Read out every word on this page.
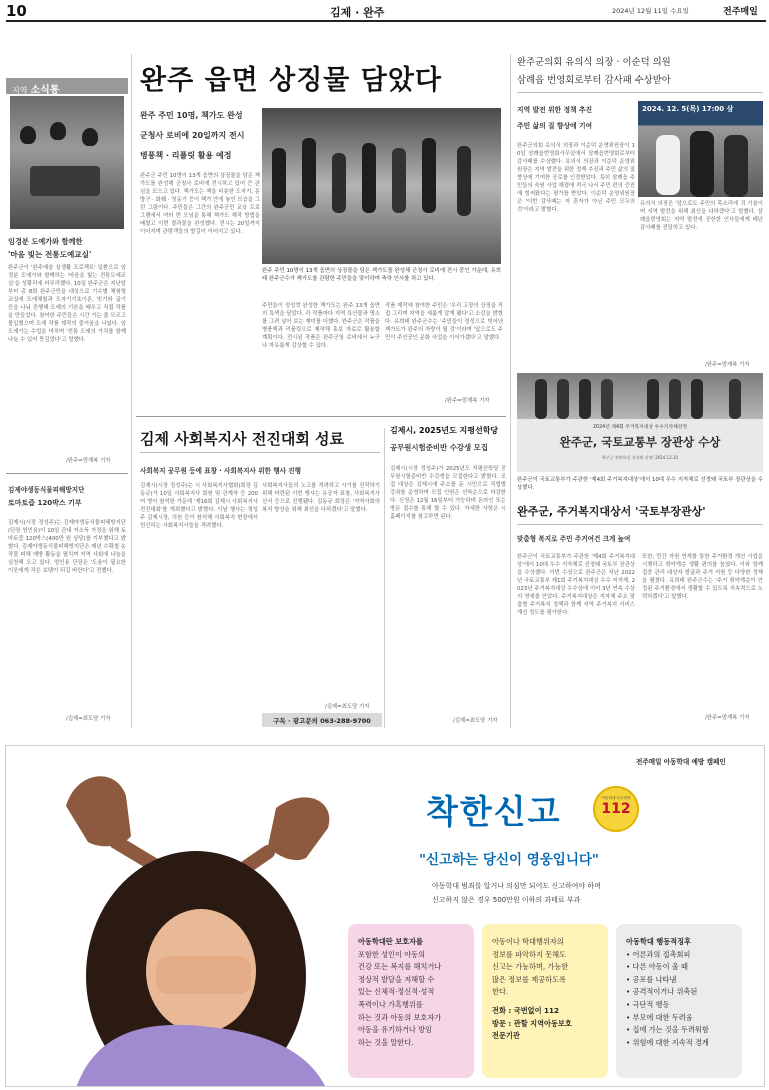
10	김제 · 완주	2024년 12월 11일 수요일	전주매일
지역 소식통
임경분 도예가와 함께한
'마음 빛는 전통도예교실'
완주군이 '완주예술 실생활 프로젝트' 일환으로 임경분 도예가와 함께하는 '마음을 빛는 전통도예교실'을 성황리에 마무리했다. 10일 완주군은 지난달부터 총 8회 완주군민을 대상으로 기수별 체험형 교실에 도예체험과 도자기기초이론, 빚기와 굽기 등을 나눠 진행해 도예의 기본을 배우고 직접 작품을 만들었다. 참여한 주민들은 시간 가는 줄 모르고 몰입했으며 도예 작품 제작의 즐거움을 나눴다. 임 도예가는 수업을 마치며 '전통 도예의 가치를 함께 나눌 수 있어 뜻깊었다'고 말했다.
/완주=엄재복 기자
김제야생동식물피해방지단
토마토즙 120박스 기부
김제시(시장 정성주)는 김제야생동식물피해방지단(단장 엄인용)이 10일 관내 저소득 가정을 위해 토마토즙 120박스(400만 원 상당)를 기부했다고 밝혔다. 김제야생동식물피해방지단은 매년 수확철 농작물 피해 예방 활동을 펼치며 지역 사회에 나눔을 실천해 오고 있다. 엄인용 단장은 '도움이 필요한 이웃에게 작은 보탬이 되길 바란다'고 전했다.
/김제=최도담 기자
완주 읍면 상징물 담았다
완주 주민 10명, 책가도 완성
군청사 로비에 20일까지 전시
병풍책 · 리플릿 활용 예정
완주군 주민 10명이 13개 읍면의 상징물을 담은 책가도를 완성해 군청사 로비에 전시하고 있어 큰 관심을 모으고 있다. 책가도는 책을 비롯한 도자기, 문방구 · 화훼 · 청동기 등이 책가 안에 놓인 모습을 그린 그림이다. 주민들은 그간의 완주군민 교육 프로그램에서 여러 번 모임을 통해 책가도 제작 방법을 배웠고 이번 결과물을 완성했다. 전시는 20일까지 이어지며 관람객들의 발길이 이어지고 있다.
완주 주민 10명이 13개 읍면의 상징물을 담은 책가도를 완성해 군청사 로비에 전시 중인 가운데, 유희태 완주군수가 책가도를 관람한 주민들을 맞이하며 축하 인사를 하고 있다.
주민들이 정성껏 완성한 책가도는 완주 13개 읍면의 특색을 담았다. 각 작품마다 지역 특산물과 명소를 그려 넣어 보는 재미를 더했다. 완주군은 작품을 병풍책과 리플릿으로 제작해 홍보 자료로 활용할 계획이다. 전시된 작품은 완주군청 로비에서 누구나 자유롭게 감상할 수 있다.
작품 제작에 참여한 주민은 '우리 고장의 상징을 직접 그리며 지역을 새롭게 알게 됐다'고 소감을 밝혔다. 유희태 완주군수는 '주민들이 정성으로 빚어낸 책가도가 완주의 자랑이 될 것'이라며 '앞으로도 주민이 주인공인 문화 사업을 이어가겠다'고 말했다.
/완주=엄재복 기자
김제 사회복지사 전진대회 성료
사회복지 공무원 등에 표창 · 사회복지사 위한 행사 진행
김제시(시장 정성주)는 시 사회복지사협회(회장 김동규)가 10일 사회복지사 회원 및 관계자 등 200여 명이 참석한 가운데 '제16회 김제시 사회복지사 전진대회'를 개최했다고 밝혔다. 이날 행사는 정성주 김제시장, 의원 등이 참석해 사회복지 현장에서 헌신하는 사회복지사들을 격려했다.
사회복지사들의 노고를 격려하고 사기를 진작하기 위해 마련된 이번 행사는 유공자 표창, 사회복지사 선서 등으로 진행됐다. 김동규 회장은 '지역사회의 복지 향상을 위해 최선을 다하겠다'고 말했다.
/김제=최도담 기자
구독 · 광고문의 063-288-9700
김제시, 2025년도 지평선학당
공무원시험준비반 수강생 모집
김제시(시장 정성주)가 2025년도 지평선학당 공무원시험준비반 수강생을 모집한다고 밝혔다. 모집 대상은 김제시에 주소를 둔 시민으로 직렬별 강좌를 운영하며 모집 인원은 선착순으로 마감한다. 신청은 12월 16일부터 가능하며 온라인 또는 방문 접수를 통해 할 수 있다. 자세한 사항은 시 홈페이지를 참고하면 된다.
/김제=최도담 기자
완주군의회 유의식 의장 · 이순덕 의원
삼례읍 번영회로부터 감사패 수상받아
지역 발전 위한 정책 추진
주민 삶의 질 향상에 기여
완주군의회 유의식 의장과 이순덕 운영위원장이 10일 삼례읍번영회사무실에서 삼례읍번영회로부터 감사패를 수상했다. 유의식 의장과 이순덕 운영위원장은 지역 발전을 위한 정책 추진과 주민 삶의 질 향상에 기여한 공로를 인정받았다. 특히 삼례읍 주민들의 숙원 사업 해결에 적극 나서 주민 편의 증진에 힘써왔다는 평가를 받았다. 이순덕 운영위원장은 '이번 감사패는 저 혼자가 아닌 주민 모두의 것'이라고 밝혔다.
2024. 12. 5(목) 17:00 삼
유의식 의장은 '앞으로도 주민의 목소리에 귀 기울이며 지역 발전을 위해 최선을 다하겠다'고 말했다. 삼례읍번영회는 지역 발전에 공헌한 인사들에게 매년 감사패를 전달하고 있다.
/완주=엄재복 기자
2024년 제4회 주거복지대상 우수지자체선정
완주군, 국토교통부 장관상 수상
완주군 전북유일 지자체 선정! 2024.12.10
완주군이 국토교통부가 주관한 '제4회 주거복지대상'에서 10대 우수 지자체로 선정돼 국토부 장관상을 수상했다.
완주군, 주거복지대상서 '국토부장관상'
맞춤형 복지로 주민 주거여건 크게 높여
완주군이 국토교통부가 주관한 '제4회 주거복지대상'에서 10대 우수 지자체로 선정돼 국토부 장관상을 수상했다. 이번 수상으로 완주군은 지난 2022년 국토교통부 제1회 주거복지대상 우수 지자체, 2023년 주거복지대상 우수상에 이어 3년 연속 수상의 영예를 안았다. 주거복지대상은 지자체 주요 맞춤형 주거복지 정책과 함께 지역 주거복지 서비스 개선 정도를 평가한다.
또한, 민간 자원 연계를 통한 주거환경 개선 사업을 시행하고 취약계층 생활 편의를 높였다. 이와 함께 집중 관리 대상자 발굴과 주거 지원 등 다양한 정책을 펼쳤다. 유희태 완주군수는 '주거 취약계층이 안정된 주거환경에서 생활할 수 있도록 지속적으로 노력하겠다'고 말했다.
/완주=엄재복 기자
전주매일 아동학대 예방 캠페인
착한신고	아동학대 신고전화
112
"신고하는 당신이 영웅입니다"
아동학대 범죄를 알거나 의심만 되어도 신고하여야 하며
신고하지 않은 경우 500만원 이하의 과태료 부과
아동학대란 보호자를
포함한 성인이 아동의
건강 또는 복지를 해치거나
정상적 발달을 저해할 수
있는 신체적·정신적·성적
폭력이나 가혹행위를
하는 것과 아동의 보호자가
아동을 유기하거나 방임
하는 것을 말한다.
아동이나 학대행위자의
정보를 파악하지 못해도
신고는 가능하며, 가능한
많은 정보를 제공하도록
한다.
전화 : 국번없이 112
방문 : 관할 지역아동보호
전문기관
아동학대 행동적징후
• 어른과의 접촉회피
• 다른 아동이 울 때
• 공포를 나타냄
• 공격적이거나 위축된
• 극단적 행동
• 부모에 대한 두려움
• 집에 가는 것을 두려워함
• 위험에 대한 지속적 경계
